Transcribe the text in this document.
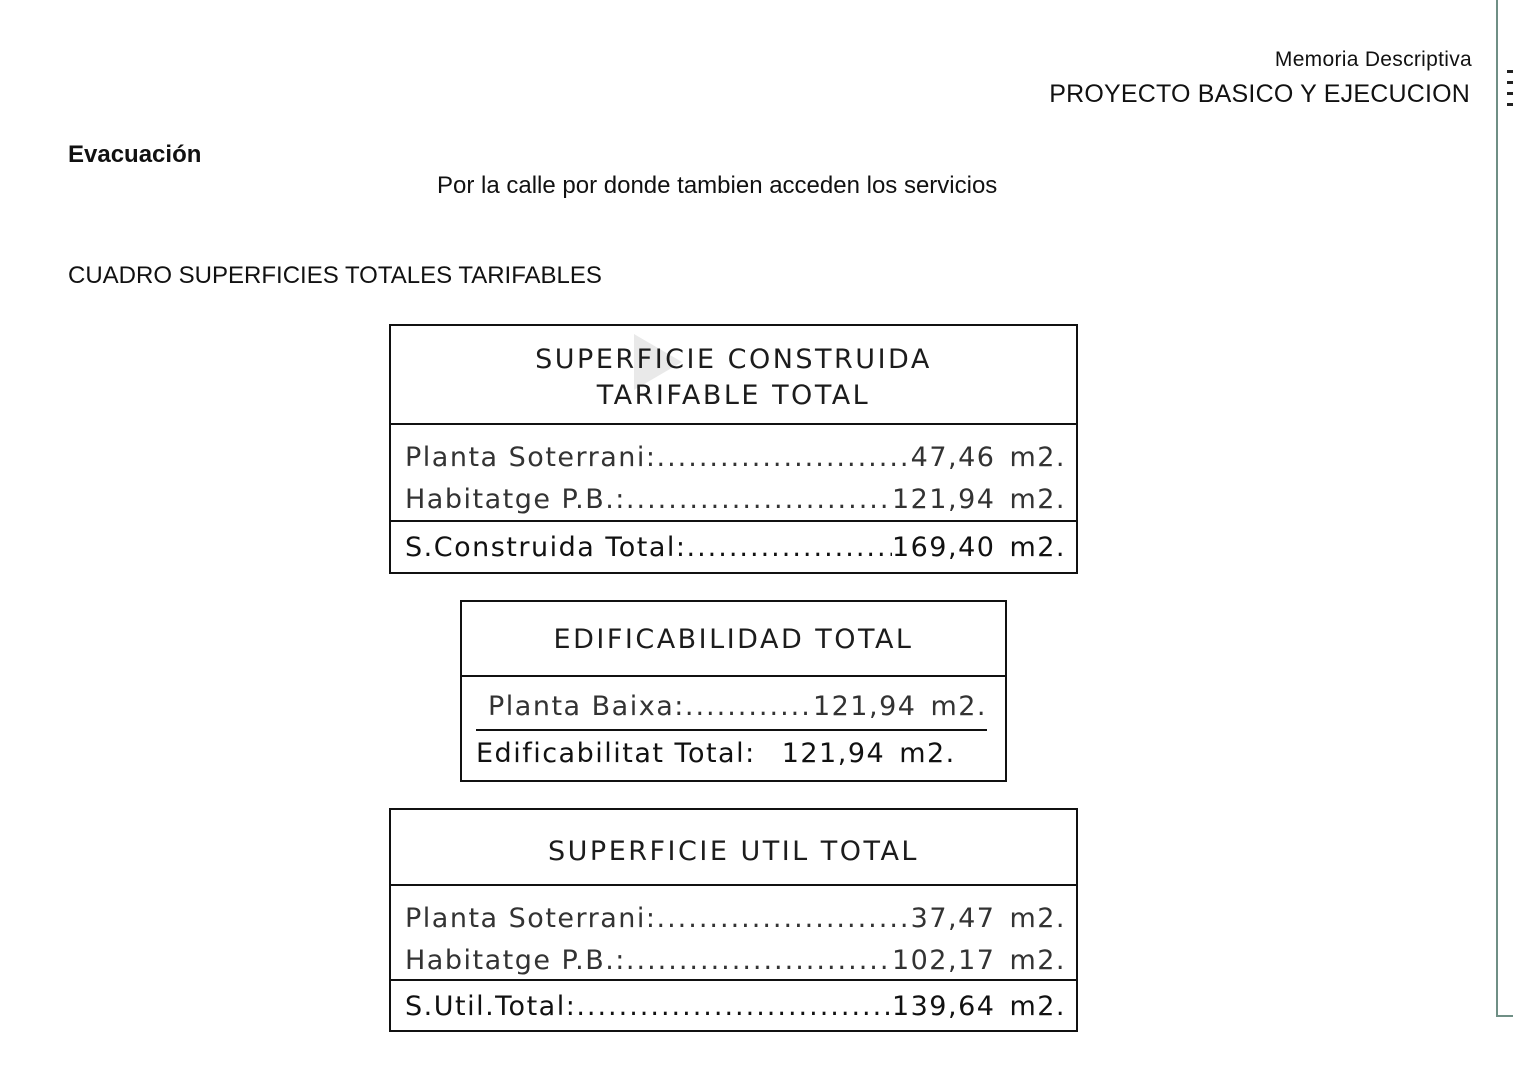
Memoria Descriptiva
PROYECTO BASICO Y EJECUCION
Evacuación
Por la calle por donde tambien acceden los servicios
CUADRO SUPERFICIES TOTALES TARIFABLES
SUPERFICIE CONSTRUIDA
TARIFABLE TOTAL
Planta Soterrani: .....	47,46 m2.
Habitatge P.B.: .....	121,94 m2.
S.Construida Total: .....	169,40 m2.
EDIFICABILIDAD TOTAL
Planta Baixa: .....	121,94 m2.
Edificabilitat Total: 121,94 m2.
SUPERFICIE UTIL TOTAL
Planta Soterrani: .....	37,47 m2.
Habitatge P.B.: .....	102,17 m2.
S.Util.Total: .....	139,64 m2.
